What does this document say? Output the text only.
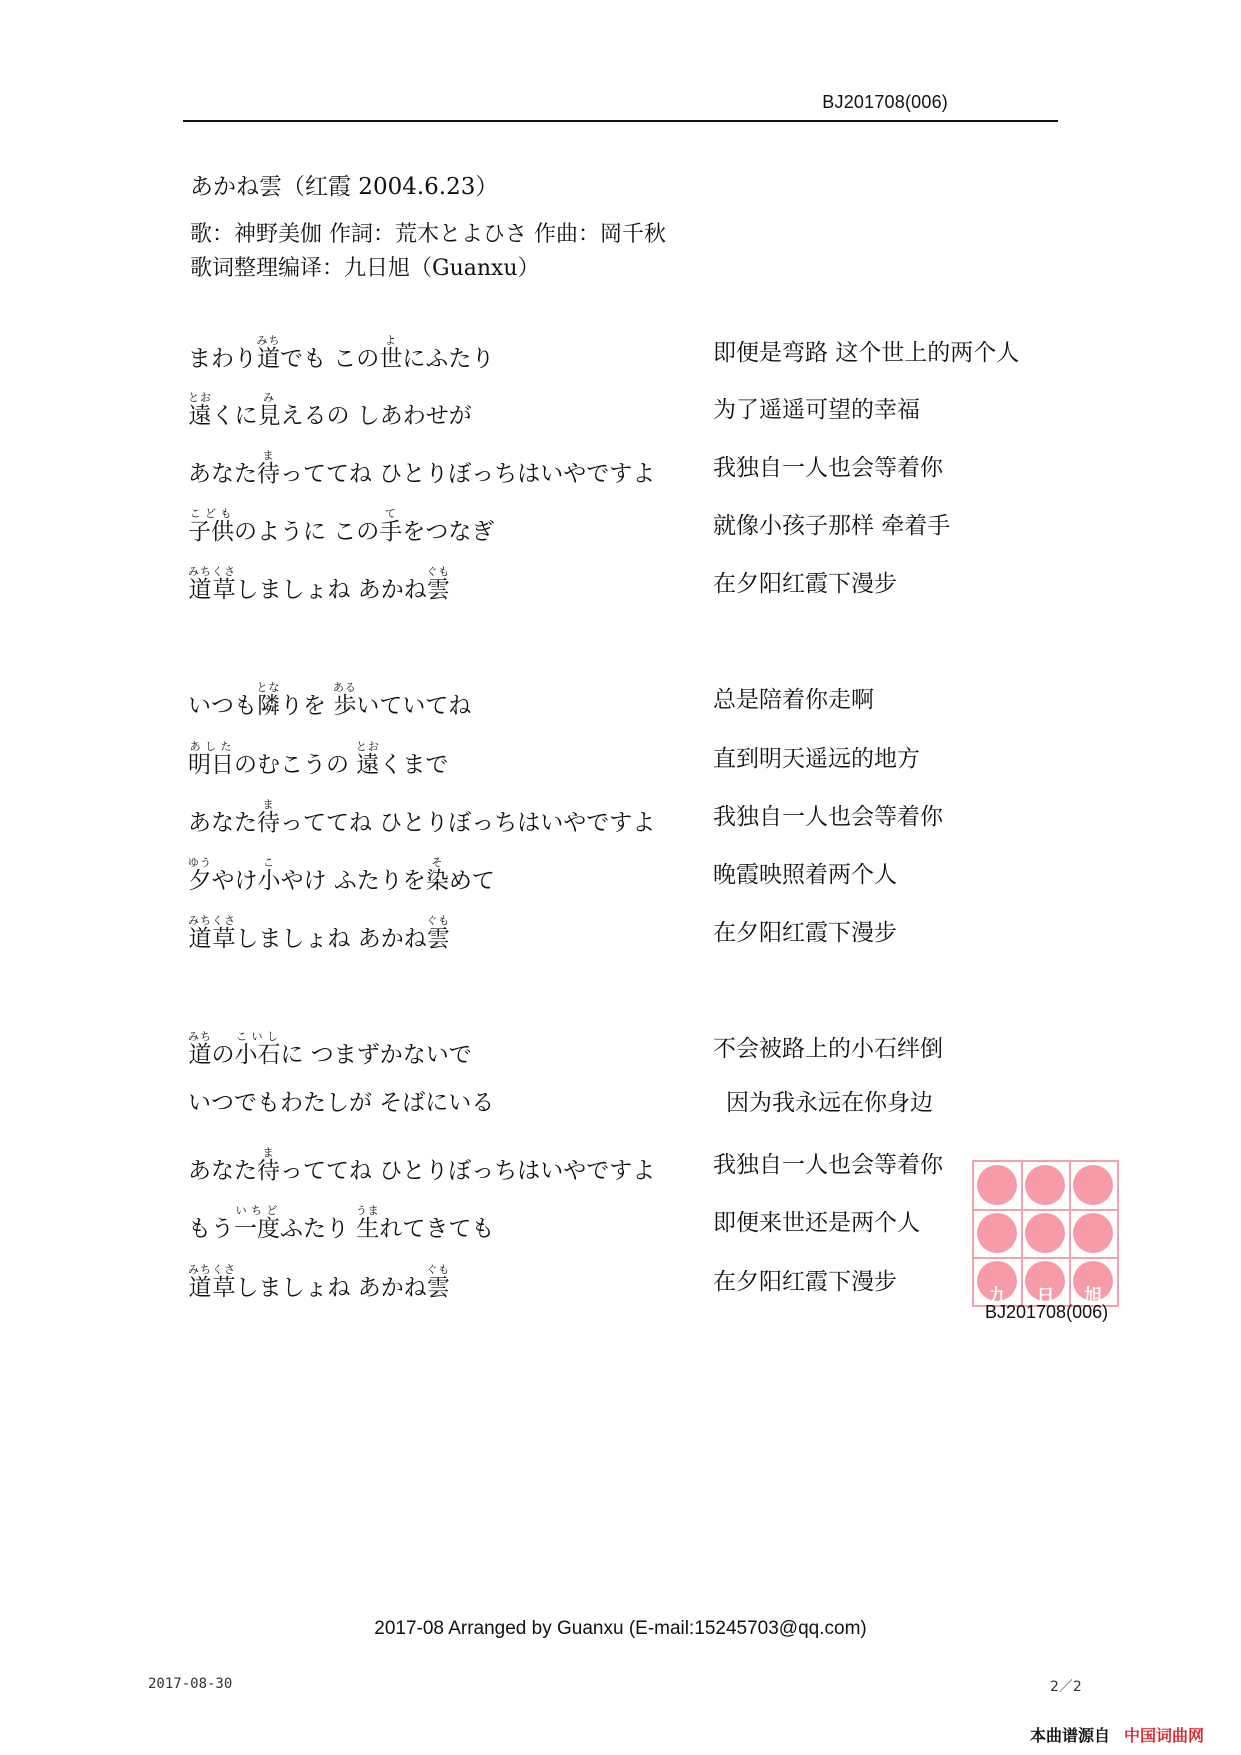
BJ201708(006)
あかね雲（红霞 2004.6.23）
歌：神野美伽 作詞：荒木とよひさ 作曲：岡千秋
歌词整理编译：九日旭（Guanxu）
まわり道みちでも この世よにふたり	即便是弯路 这个世上的两个人
遠とおくに見みえるの しあわせが	为了遥遥可望的幸福
あなた待まっててね ひとりぼっちはいやですよ	我独自一人也会等着你
子供こどものように この手てをつなぎ	就像小孩子那样 牵着手
道草みちくさしましょね あかね雲ぐも	在夕阳红霞下漫步
いつも隣となりを 歩あるいていてね	总是陪着你走啊
明日あしたのむこうの 遠とおくまで	直到明天遥远的地方
あなた待まっててね ひとりぼっちはいやですよ	我独自一人也会等着你
夕ゆうやけ小こやけ ふたりを染そめて	晚霞映照着两个人
道草みちくさしましょね あかね雲ぐも	在夕阳红霞下漫步
道みちの小石こいしに つまずかないで	不会被路上的小石绊倒
いつでもわたしが そばにいる	因为我永远在你身边
あなた待まっててね ひとりぼっちはいやですよ	我独自一人也会等着你
もう一度いちどふたり 生うまれてきても	即便来世还是两个人
道草みちくさしましょね あかね雲ぐも	在夕阳红霞下漫步
九 日 旭
BJ201708(006)
2017-08 Arranged by Guanxu (E-mail:15245703@qq.com)
2017-08-30	2／2
本曲谱源自 中国词曲网
